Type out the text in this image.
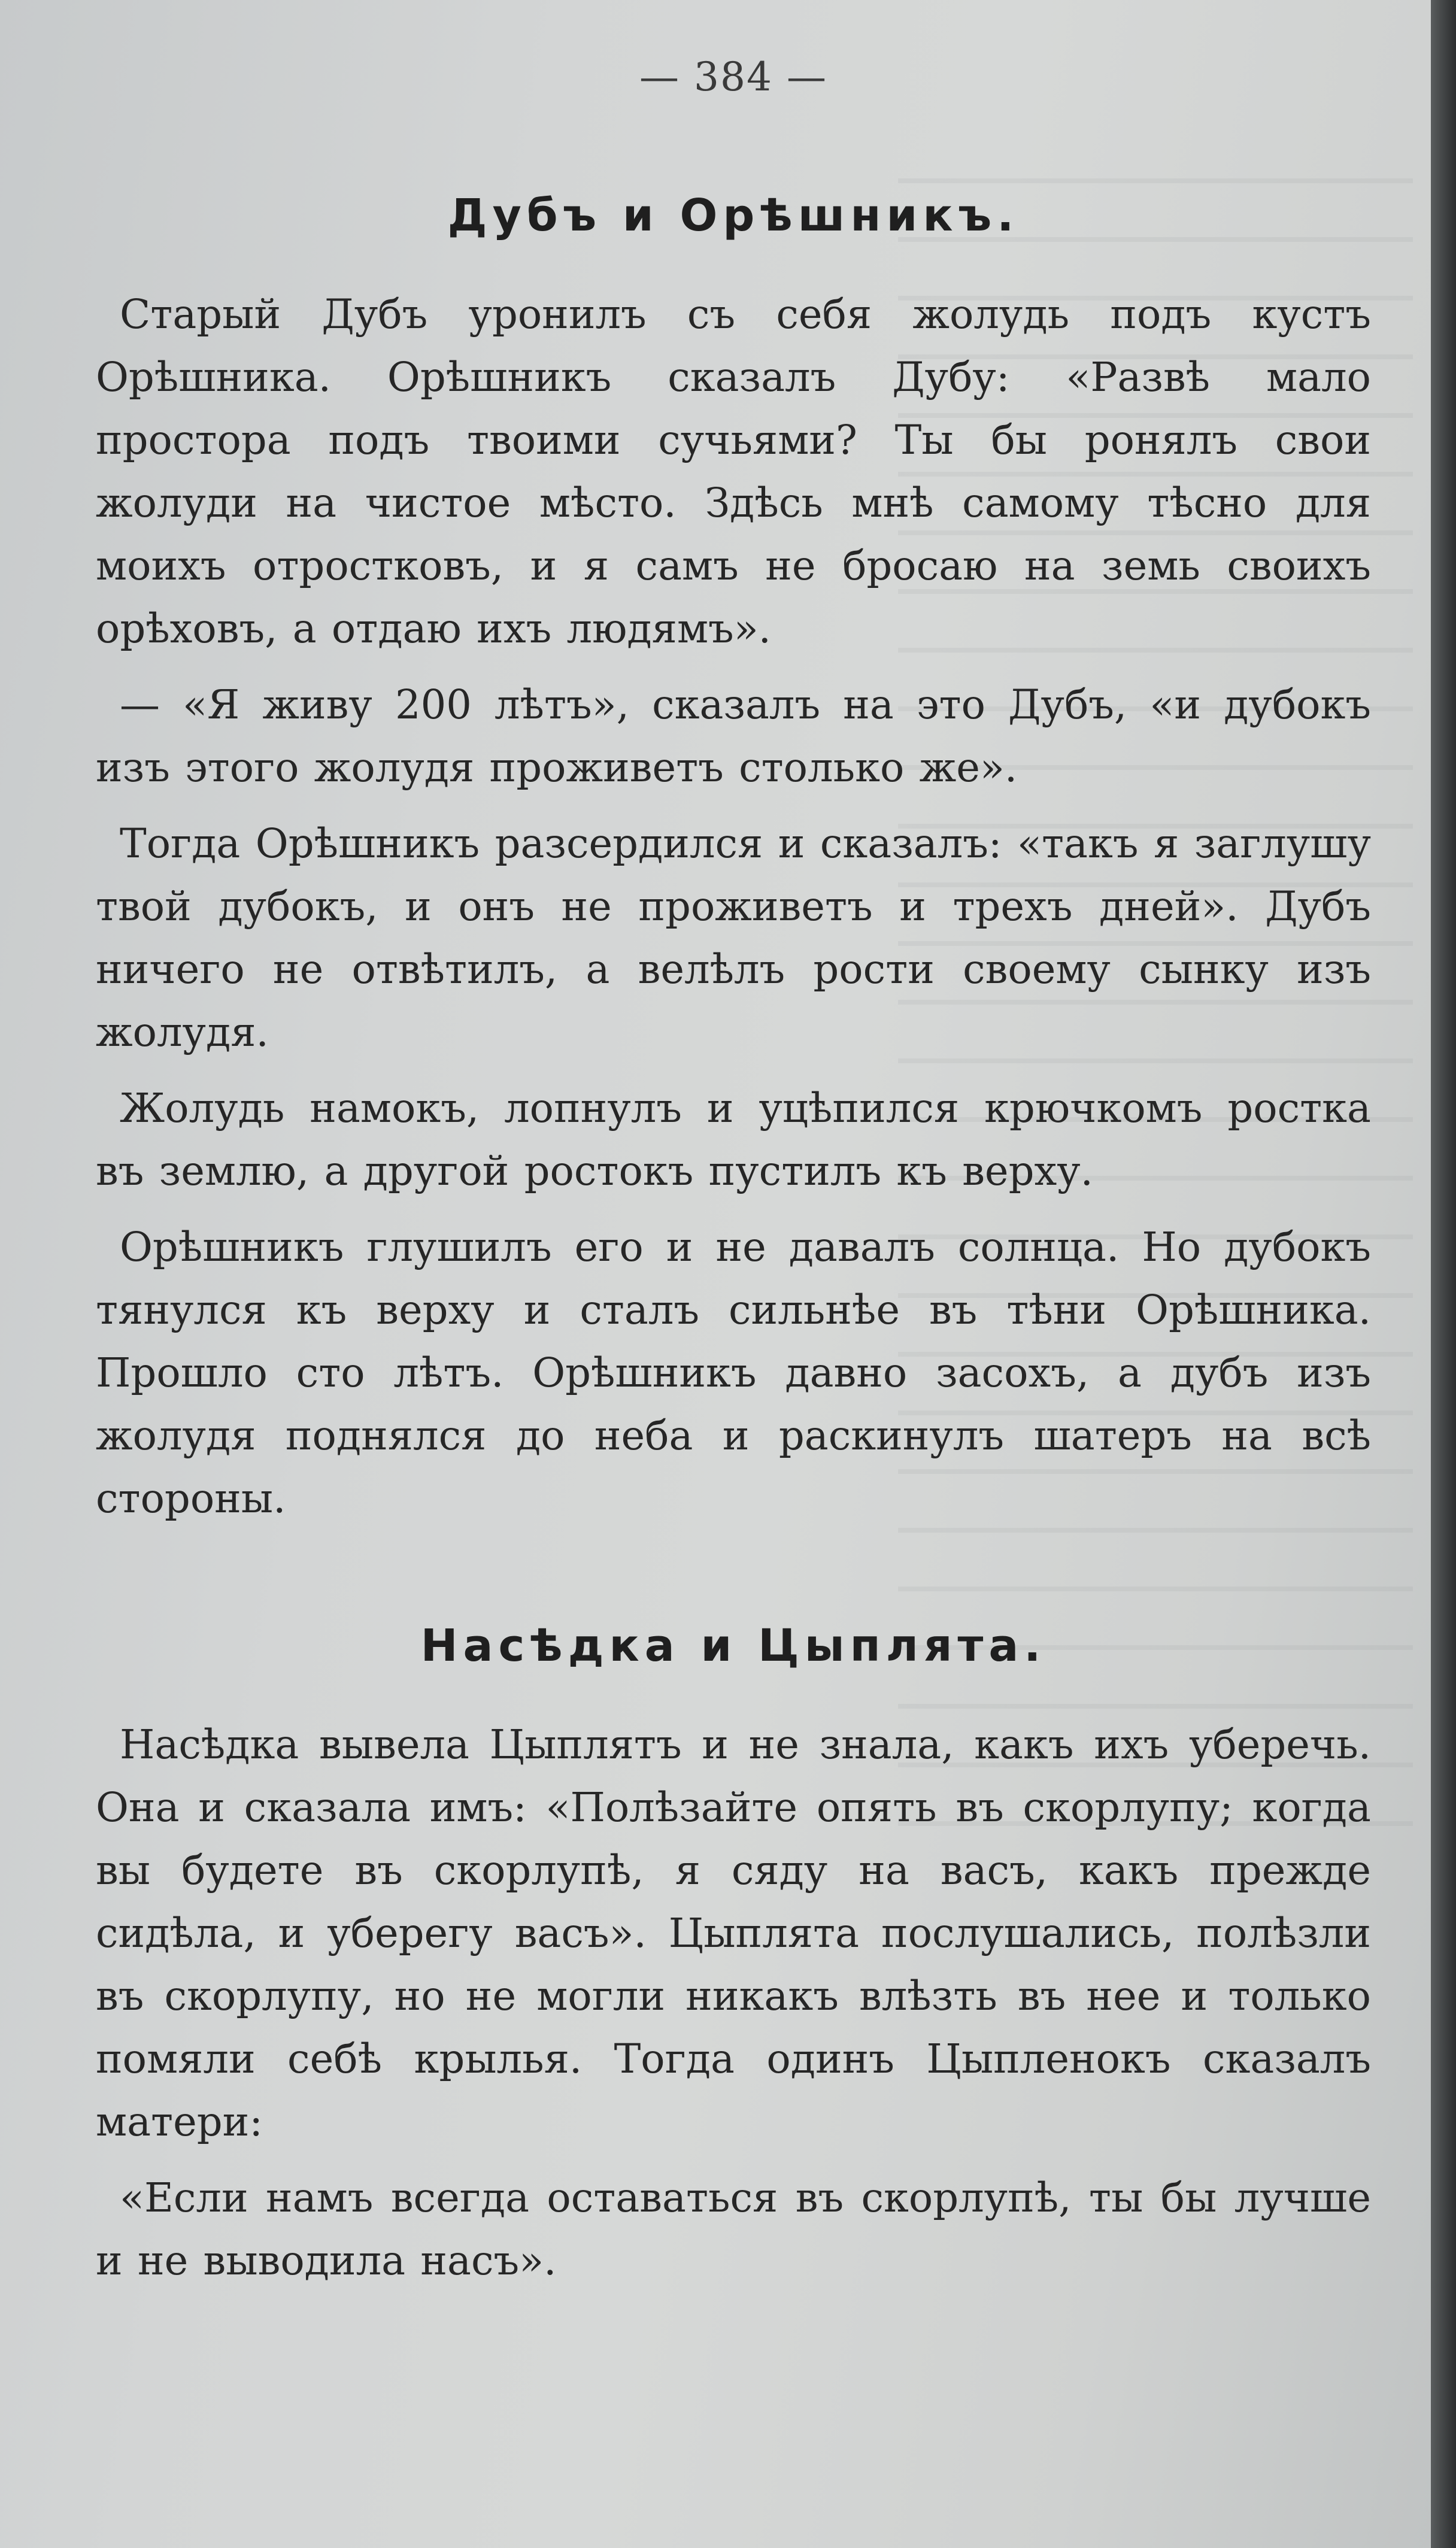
— 384 —
Дубъ и Орѣшникъ.

Старый Дубъ уронилъ съ себя жолудь подъ кустъ Орѣшника. Орѣшникъ сказалъ Дубу: «Развѣ мало простора подъ твоими сучьями? Ты бы ронялъ свои жолуди на чистое мѣсто. Здѣсь мнѣ самому тѣсно для моихъ отростковъ, и я самъ не бросаю на земь своихъ орѣховъ, а отдаю ихъ людямъ».

— «Я живу 200 лѣтъ», сказалъ на это Дубъ, «и дубокъ изъ этого жолудя проживетъ столько же».

Тогда Орѣшникъ разсердился и сказалъ: «такъ я заглушу твой дубокъ, и онъ не проживетъ и трехъ дней». Дубъ ничего не отвѣтилъ, а велѣлъ рости своему сынку изъ жолудя.

Жолудь намокъ, лопнулъ и уцѣпился крючкомъ ростка въ землю, а другой ростокъ пустилъ къ верху.

Орѣшникъ глушилъ его и не давалъ солнца. Но дубокъ тянулся къ верху и сталъ сильнѣе въ тѣни Орѣшника. Прошло сто лѣтъ. Орѣшникъ давно засохъ, а дубъ изъ жолудя поднялся до неба и раскинулъ шатеръ на всѣ стороны.

Насѣдка и Цыплята.

Насѣдка вывела Цыплятъ и не знала, какъ ихъ уберечь. Она и сказала имъ: «Полѣзайте опять въ скорлупу; когда вы будете въ скорлупѣ, я сяду на васъ, какъ прежде сидѣла, и уберегу васъ». Цыплята послушались, полѣзли въ скорлупу, но не могли никакъ влѣзть въ нее и только помяли себѣ крылья. Тогда одинъ Цыпленокъ сказалъ матери:

«Если намъ всегда оставаться въ скорлупѣ, ты бы лучше и не выводила насъ».
